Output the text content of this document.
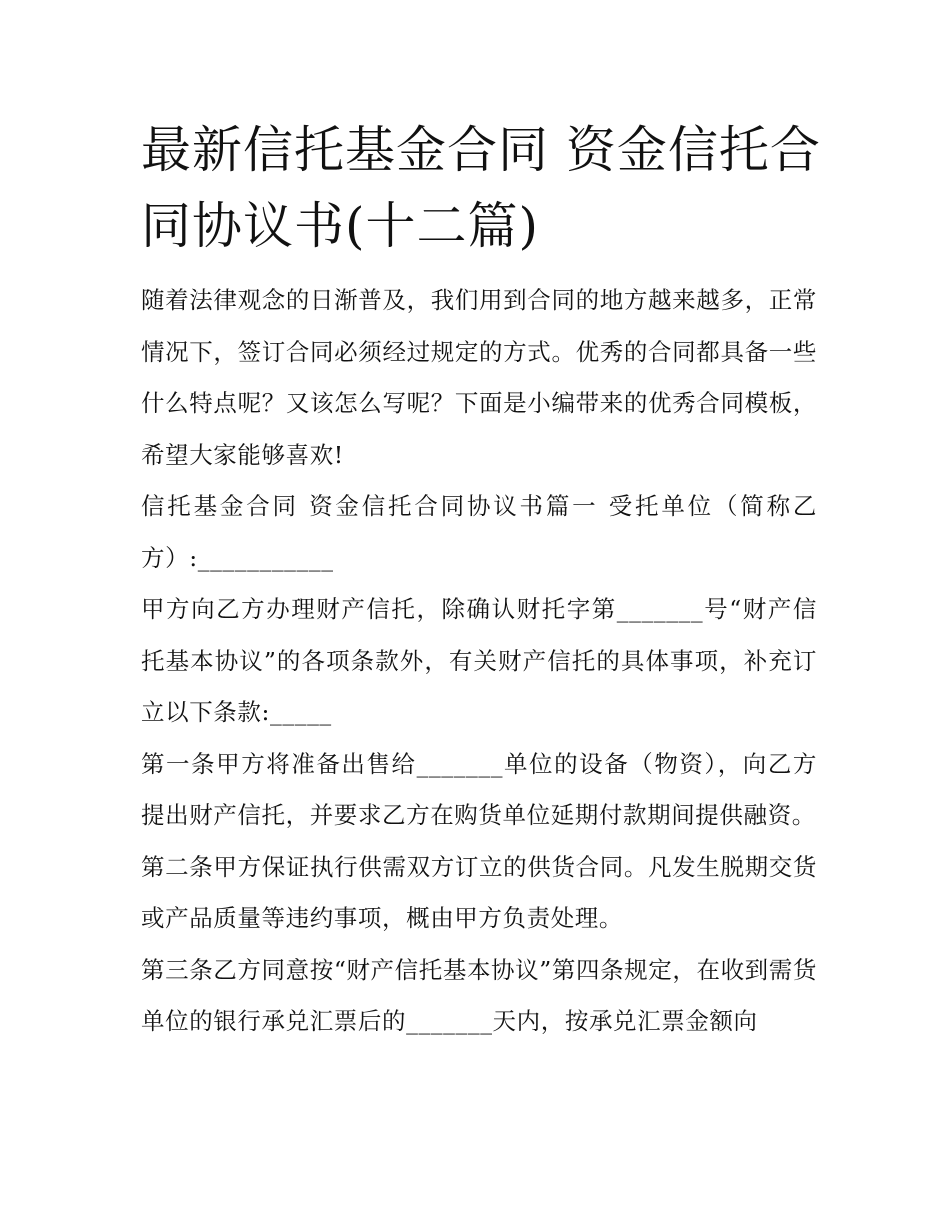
最新信托基金合同 资金信托合同协议书(十二篇)

随着法律观念的日渐普及，我们用到合同的地方越来越多，正常情况下，签订合同必须经过规定的方式。优秀的合同都具备一些什么特点呢？又该怎么写呢？下面是小编带来的优秀合同模板，希望大家能够喜欢!

信托基金合同 资金信托合同协议书篇一 受托单位（简称乙方）:___________

甲方向乙方办理财产信托，除确认财托字第_______号“财产信托基本协议”的各项条款外，有关财产信托的具体事项，补充订立以下条款:_____

第一条甲方将准备出售给_______单位的设备（物资），向乙方提出财产信托，并要求乙方在购货单位延期付款期间提供融资。

第二条甲方保证执行供需双方订立的供货合同。凡发生脱期交货或产品质量等违约事项，概由甲方负责处理。

第三条乙方同意按“财产信托基本协议”第四条规定，在收到需货单位的银行承兑汇票后的_______天内，按承兑汇票金额向
